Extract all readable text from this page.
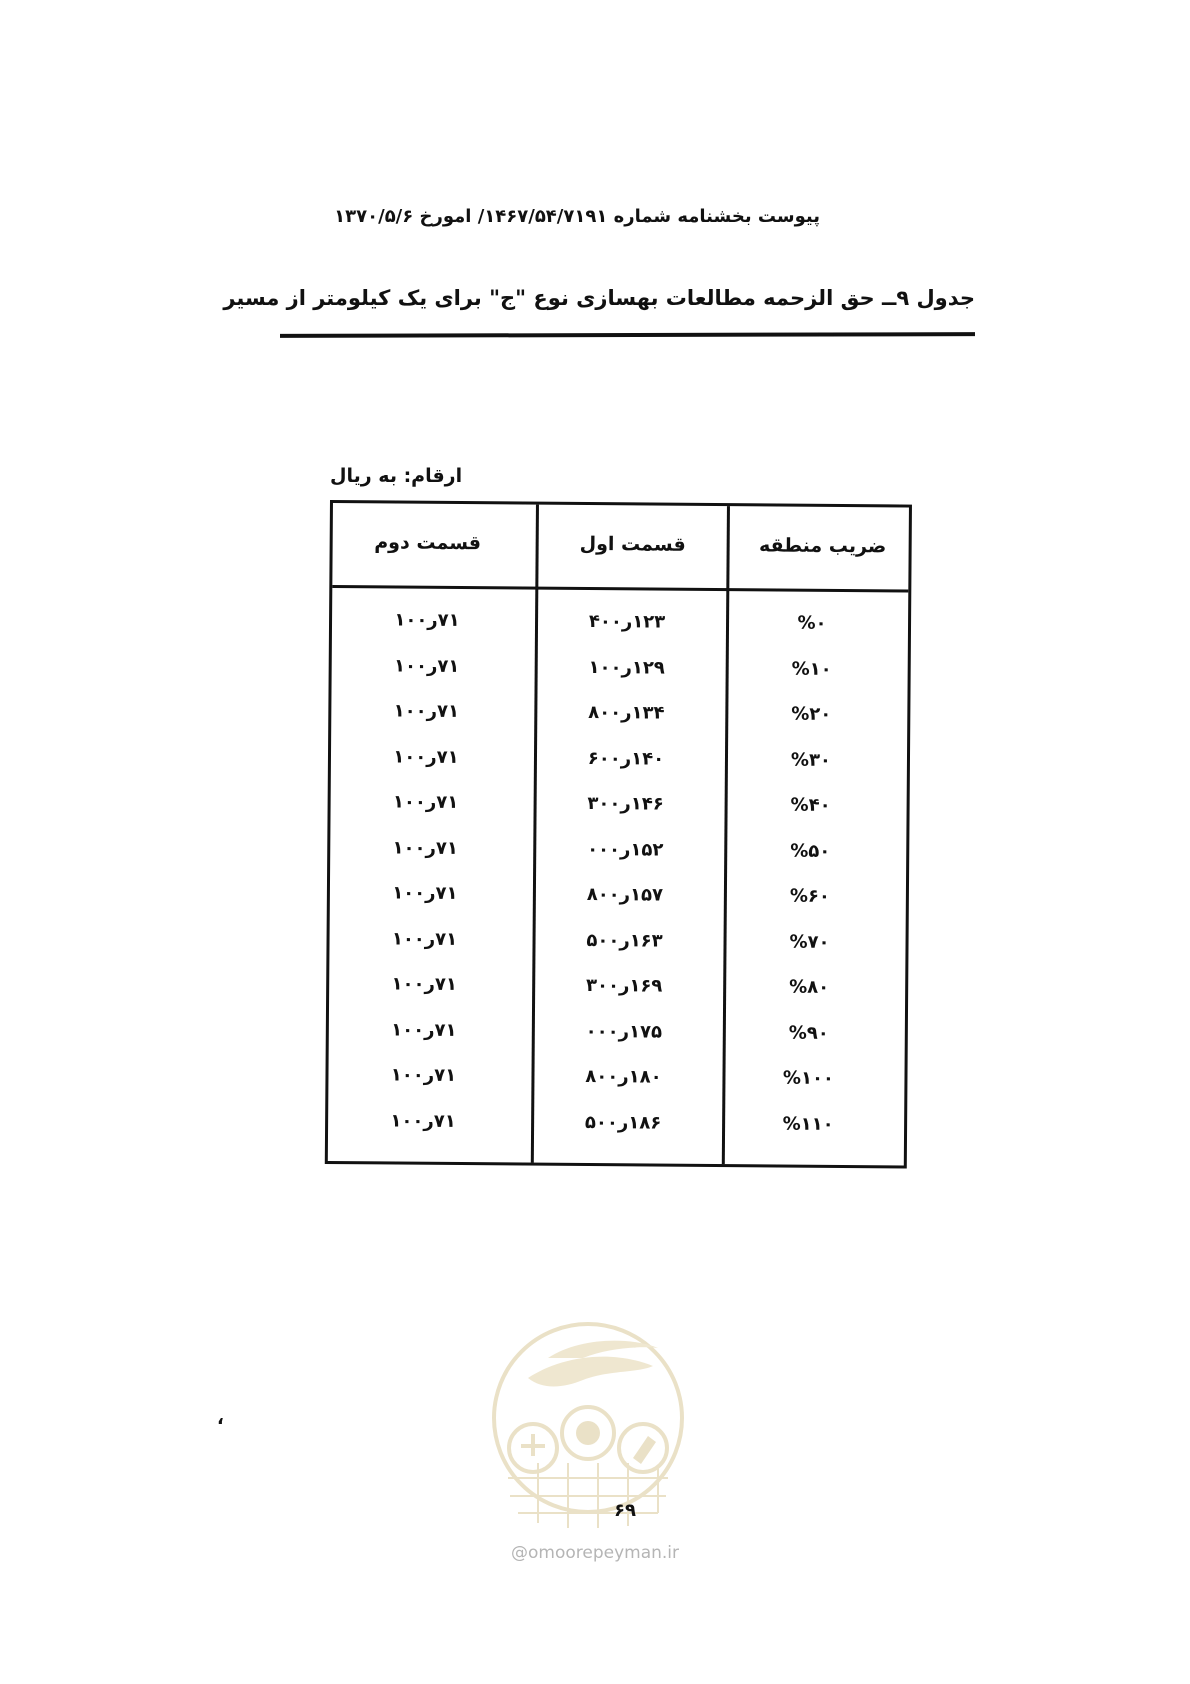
پیوست بخشنامه شماره ۱۴۶۷/۵۴/۷۱۹۱/ امورخ ۱۳۷۰/۵/۶
جدول ۹ــ حق الزحمه مطالعات بهسازی نوع "ج" برای یک کیلومتر از مسیر
ارقام: به ریال
قسمت دوم	قسمت اول	ضریب منطقه
۷۱ر۱۰۰	۱۲۳ر۴۰۰	%۰
۷۱ر۱۰۰	۱۲۹ر۱۰۰	%۱۰
۷۱ر۱۰۰	۱۳۴ر۸۰۰	%۲۰
۷۱ر۱۰۰	۱۴۰ر۶۰۰	%۳۰
۷۱ر۱۰۰	۱۴۶ر۳۰۰	%۴۰
۷۱ر۱۰۰	۱۵۲ر۰۰۰	%۵۰
۷۱ر۱۰۰	۱۵۷ر۸۰۰	%۶۰
۷۱ر۱۰۰	۱۶۳ر۵۰۰	%۷۰
۷۱ر۱۰۰	۱۶۹ر۳۰۰	%۸۰
۷۱ر۱۰۰	۱۷۵ر۰۰۰	%۹۰
۷۱ر۱۰۰	۱۸۰ر۸۰۰	%۱۰۰
۷۱ر۱۰۰	۱۸۶ر۵۰۰	%۱۱۰
،
۶۹
@omoorepeyman.ir
